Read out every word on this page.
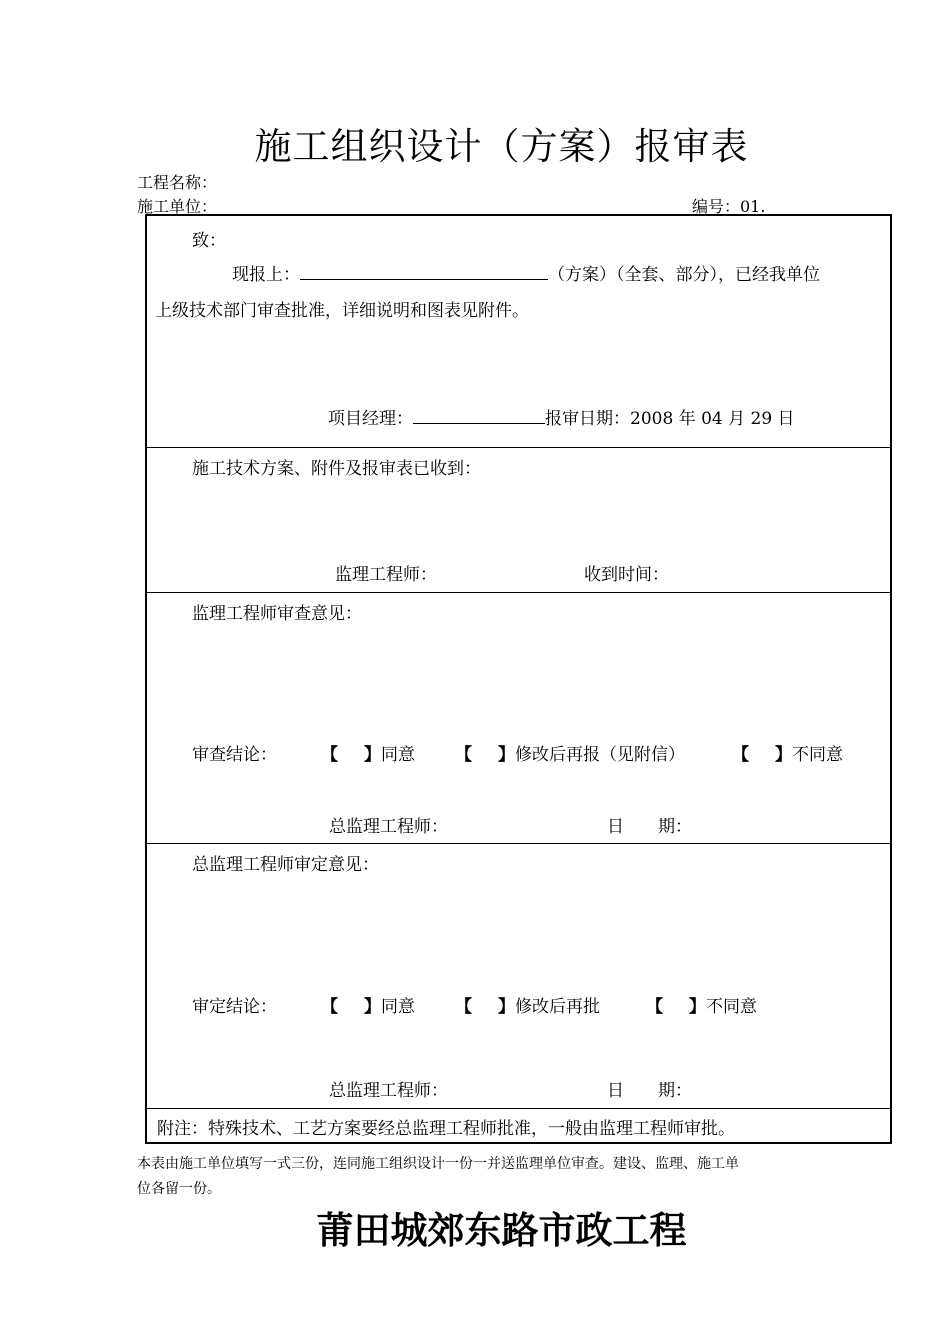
施工组织设计（方案）报审表
工程名称：
施工单位：	编号：01.
致：
现报上：	（方案）（全套、部分），已经我单位
上级技术部门审查批准，详细说明和图表见附件。
项目经理：	报审日期：2008 年 04 月 29 日
施工技术方案、附件及报审表已收到：
监理工程师：	收到时间：
监理工程师审查意见：
审查结论：	【 】同意 【 】修改后再报（见附信）	【 】不同意
总监理工程师：	日　　期：
总监理工程师审定意见：
审定结论：	【 】同意 【 】修改后再批	【 】不同意
总监理工程师：	日　　期：
附注：特殊技术、工艺方案要经总监理工程师批准，一般由监理工程师审批。
本表由施工单位填写一式三份，连同施工组织设计一份一并送监理单位审查。建设、监理、施工单
位各留一份。
莆田城郊东路市政工程
